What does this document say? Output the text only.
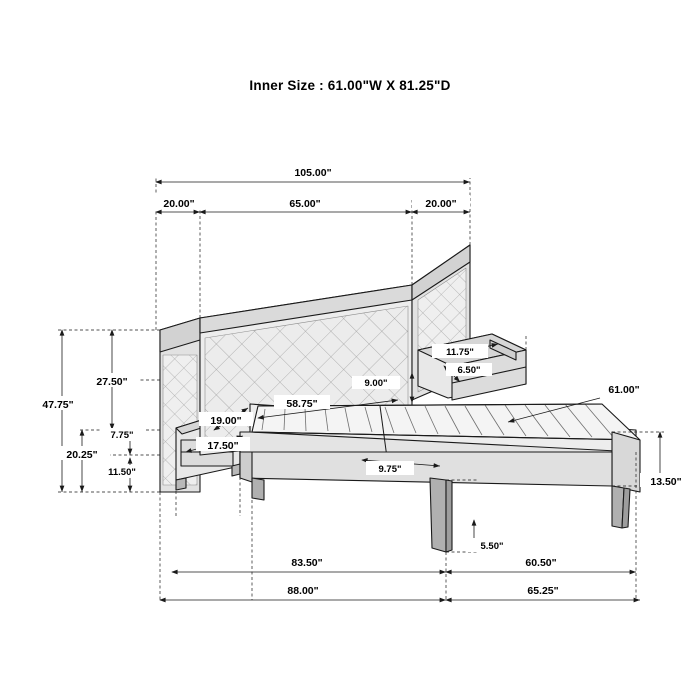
Inner Size : 61.00"W X 81.25"D
105.00"
20.00"	65.00"	20.00"
47.75"
27.50"
20.25"
7.75"
11.50"
19.00"
17.50"
58.75"
9.00"
11.75"
6.50"
61.00"
9.75"
13.50"
5.50"
83.50"	60.50"
88.00"	65.25"
